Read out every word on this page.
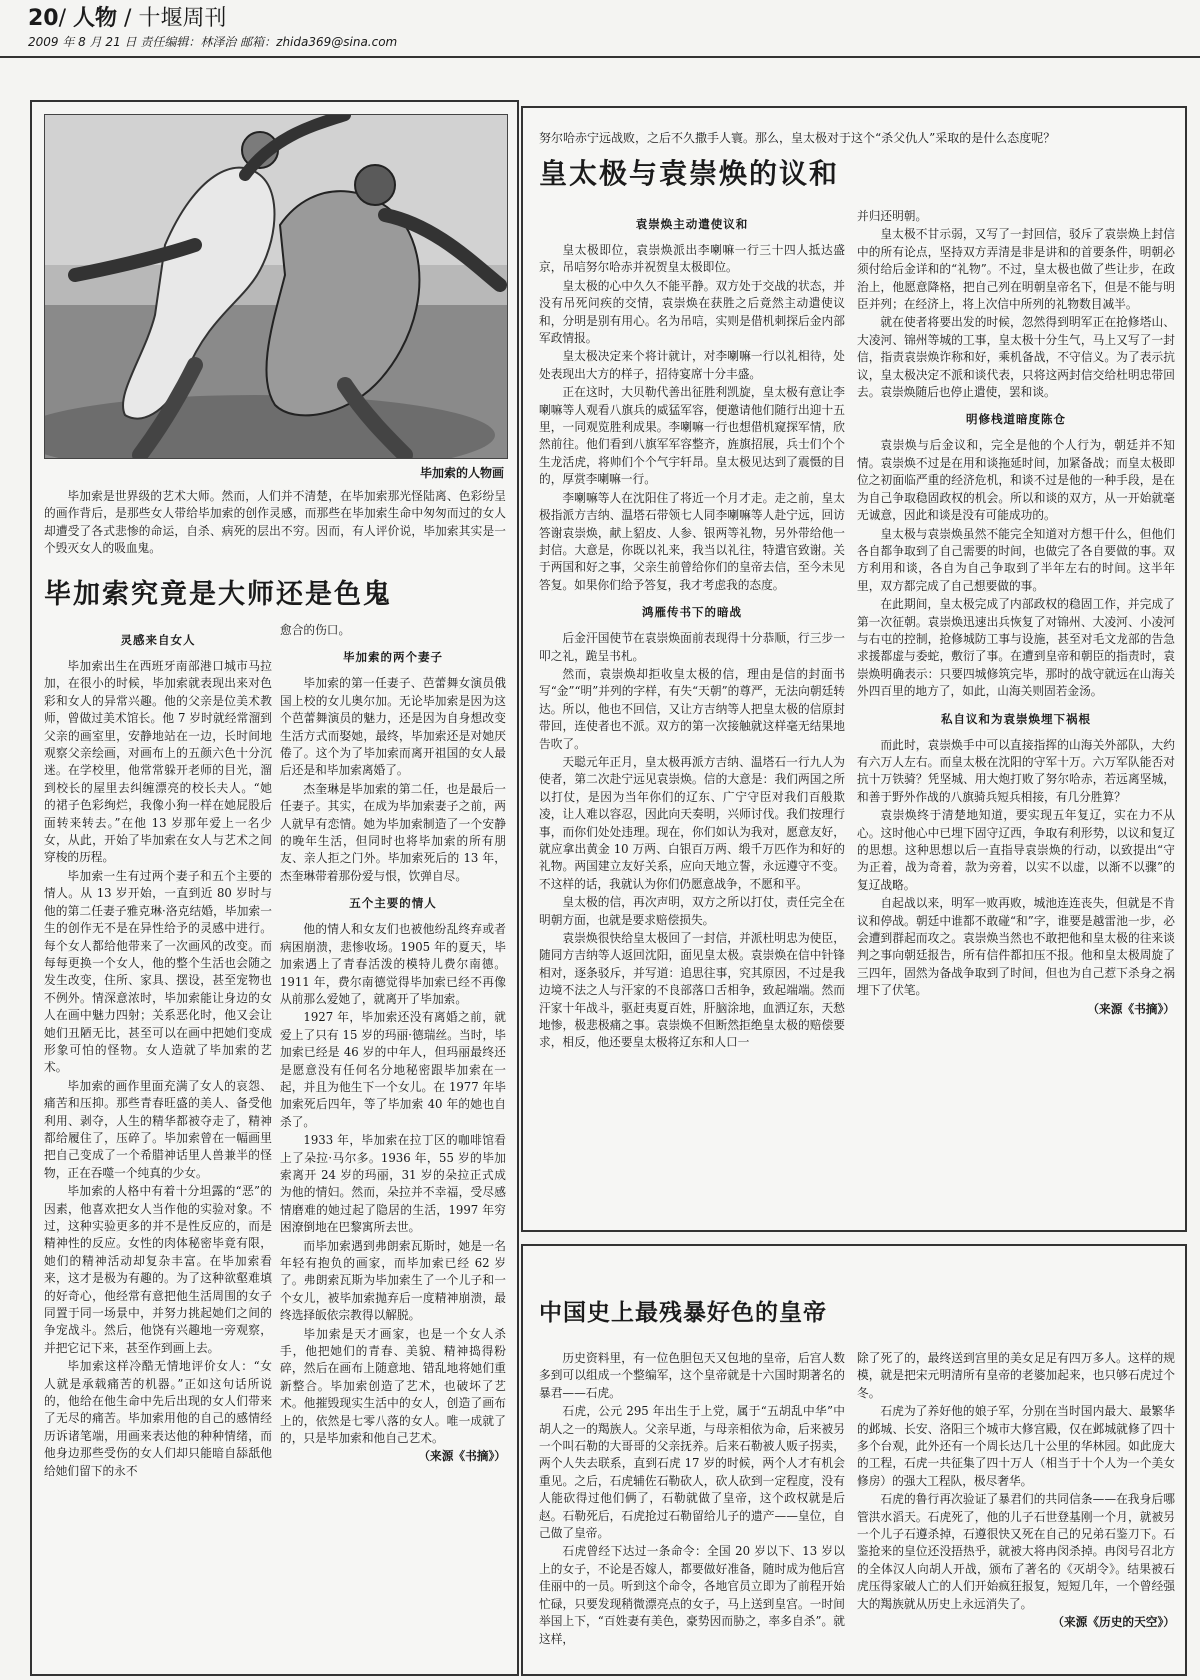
20/ 人物 / 十堰周刊
2009 年 8 月 21 日 责任编辑：林泽治 邮箱：zhida369@sina.com
毕加索的人物画

毕加索是世界级的艺术大师。然而，人们并不清楚，在毕加索那光怪陆离、色彩纷呈的画作背后，是那些女人带给毕加索的创作灵感，而那些在毕加索生命中匆匆而过的女人却遭受了各式悲惨的命运，自杀、病死的层出不穷。因而，有人评价说，毕加索其实是一个毁灭女人的吸血鬼。

毕加索究竟是大师还是色鬼
灵感来自女人

毕加索出生在西班牙南部港口城市马拉加，在很小的时候，毕加索就表现出来对色彩和女人的异常兴趣。他的父亲是位美术教师，曾做过美术馆长。他 7 岁时就经常溜到父亲的画室里，安静地站在一边，长时间地观察父亲绘画，对画布上的五颜六色十分沉迷。在学校里，他常常躲开老师的目光，溜到校长的屋里去纠缠漂亮的校长夫人。“她的裙子色彩绚烂，我像小狗一样在她屁股后面转来转去。”在他 13 岁那年爱上一名少女，从此，开始了毕加索在女人与艺术之间穿梭的历程。

毕加索一生有过两个妻子和五个主要的情人。从 13 岁开始，一直到近 80 岁时与他的第二任妻子雅克琳·洛克结婚，毕加索一生的创作无不是在异性给予的灵感中进行。每个女人都给他带来了一次画风的改变。而每每更换一个女人，他的整个生活也会随之发生改变，住所、家具、摆设，甚至宠物也不例外。情深意浓时，毕加索能让身边的女人在画中魅力四射；关系恶化时，他又会让她们丑陋无比，甚至可以在画中把她们变成形象可怕的怪物。女人造就了毕加索的艺术。

毕加索的画作里面充满了女人的哀怨、痛苦和压抑。那些青春旺盛的美人、备受他利用、剥夺，人生的精华都被夺走了，精神都给履住了，压碎了。毕加索曾在一幅画里把自己变成了一个希腊神话里人兽兼半的怪物，正在吞噬一个纯真的少女。

毕加索的人格中有着十分坦露的“恶”的因素，他喜欢把女人当作他的实验对象。不过，这种实验更多的并不是性反应的，而是精神性的反应。女性的肉体秘密毕竟有限，她们的精神活动却复杂丰富。在毕加索看来，这才是极为有趣的。为了这种欲壑难填的好奇心，他经常有意把他生活周围的女子同置于同一场景中，并努力挑起她们之间的争宠战斗。然后，他饶有兴趣地一旁观察，并把它记下来，甚至作到画上去。

毕加索这样冷酷无情地评价女人：“女人就是承载痛苦的机器。”正如这句话所说的，他给在他生命中先后出现的女人们带来了无尽的痛苦。毕加索用他的自己的感情经历诉诸笔端，用画来表达他的种种情绪，而他身边那些受伤的女人们却只能暗自舔舐他给她们留下的永不

愈合的伤口。

毕加索的两个妻子

毕加索的第一任妻子、芭蕾舞女演员俄国上校的女儿奥尔加。无论毕加索是因为这个芭蕾舞演员的魅力，还是因为自身想改变生活方式而娶她，最终，毕加索还是对她厌倦了。这个为了毕加索而离开祖国的女人最后还是和毕加索离婚了。

杰奎琳是毕加索的第二任，也是最后一任妻子。其实，在成为毕加索妻子之前，两人就早有恋情。她为毕加索制造了一个安静的晚年生活，但同时也将毕加索的所有朋友、亲人拒之门外。毕加索死后的 13 年，杰奎琳带着那份爱与恨，饮弹自尽。

五个主要的情人

他的情人和女友们也被他纷乱终弃或者病困崩溃，悲惨收场。1905 年的夏天，毕加索遇上了青春活泼的模特儿费尔南德。1911 年，费尔南德觉得毕加索已经不再像从前那么爱她了，就离开了毕加索。

1927 年，毕加索还没有离婚之前，就爱上了只有 15 岁的玛丽·德瑞丝。当时，毕加索已经是 46 岁的中年人，但玛丽最终还是愿意没有任何名分地秘密跟毕加索在一起，并且为他生下一个女儿。在 1977 年毕加索死后四年，等了毕加索 40 年的她也自杀了。

1933 年，毕加索在拉丁区的咖啡馆看上了朵拉·马尔多。1936 年，55 岁的毕加索离开 24 岁的玛丽，31 岁的朵拉正式成为他的情妇。然而，朵拉并不幸福，受尽感情磨难的她过起了隐居的生活，1997 年穷困潦倒地在巴黎寓所去世。

而毕加索遇到弗朗索瓦斯时，她是一名年轻有抱负的画家，而毕加索已经 62 岁了。弗朗索瓦斯为毕加索生了一个儿子和一个女儿，被毕加索抛弃后一度精神崩溃，最终选择皈依宗教得以解脱。

毕加索是天才画家，也是一个女人杀手，他把她们的青春、美貌、精神捣得粉碎，然后在画布上随意地、错乱地将她们重新整合。毕加索创造了艺术，也破坏了艺术。他摧毁现实生活中的女人，创造了画布上的，依然是七零八落的女人。唯一成就了的，只是毕加索和他自己艺术。

（来源《书摘》）

努尔哈赤宁远战败，之后不久撒手人寰。那么，皇太极对于这个“杀父仇人”采取的是什么态度呢？
皇太极与袁崇焕的议和
袁崇焕主动遣使议和

皇太极即位，袁崇焕派出李喇嘛一行三十四人抵达盛京，吊唁努尔哈赤并祝贺皇太极即位。

皇太极的心中久久不能平静。双方处于交战的状态，并没有吊死问疾的交情，袁崇焕在获胜之后竟然主动遣使议和，分明是别有用心。名为吊唁，实则是借机刺探后金内部军政情报。

皇太极决定来个将计就计，对李喇嘛一行以礼相待，处处表现出大方的样子，招待宴席十分丰盛。

正在这时，大贝勒代善出征胜利凯旋，皇太极有意让李喇嘛等人观看八旗兵的威猛军容，便邀请他们随行出迎十五里，一同观览胜利成果。李喇嘛一行也想借机窥探军情，欣然前往。他们看到八旗军军容整齐，旌旗招展，兵士们个个生龙活虎，将帅们个个气宇轩昂。皇太极见达到了震慑的目的，厚赏李喇嘛一行。

李喇嘛等人在沈阳住了将近一个月才走。走之前，皇太极指派方吉纳、温塔石带领七人同李喇嘛等人赴宁远，回访答谢袁崇焕，献上貂皮、人参、银两等礼物，另外带给他一封信。大意是，你既以礼来，我当以礼往，特遣官致谢。关于两国和好之事，父亲生前曾给你们的皇帝去信，至今未见答复。如果你们给予答复，我才考虑我的态度。

鸿雁传书下的暗战

后金汗国使节在袁崇焕面前表现得十分恭顺，行三步一叩之礼，跪呈书札。

然而，袁崇焕却拒收皇太极的信，理由是信的封面书写“金”“明”并列的字样，有失“天朝”的尊严，无法向朝廷转达。所以，他也不回信，又让方吉纳等人把皇太极的信原封带回，连使者也不派。双方的第一次接触就这样毫无结果地告吹了。

天聪元年正月，皇太极再派方吉纳、温塔石一行九人为使者，第二次赴宁远见袁崇焕。信的大意是：我们两国之所以打仗，是因为当年你们的辽东、广宁守臣对我们百般欺凌，让人难以容忍，因此向天奏明，兴师讨伐。我们按理行事，而你们处处违理。现在，你们如认为我对，愿意友好，就应拿出黄金 10 万两、白银百万两、缎千万匹作为和好的礼物。两国建立友好关系，应向天地立誓，永远遵守不变。不这样的话，我就认为你们仍愿意战争，不愿和平。

皇太极的信，再次声明，双方之所以打仗，责任完全在明朝方面，也就是要求赔偿损失。

袁崇焕很快给皇太极回了一封信，并派杜明忠为使臣，随同方吉纳等人返回沈阳，面见皇太极。袁崇焕在信中针锋相对，逐条驳斥，并写道：追思往事，究其原因，不过是我边境不法之人与汗家的不良部落口舌相争，致起端端。然而汗家十年战斗，驱赶夷夏百姓，肝脑涂地，血洒辽东，天愁地惨，极悲极痛之事。袁崇焕不但断然拒绝皇太极的赔偿要求，相反，他还要皇太极将辽东和人口一

并归还明朝。

皇太极不甘示弱，又写了一封回信，驳斥了袁崇焕上封信中的所有论点，坚持双方弄清是非是讲和的首要条件，明朝必须付给后金详和的“礼物”。不过，皇太极也做了些让步，在政治上，他愿意降格，把自己列在明朝皇帝名下，但是不能与明臣并列；在经济上，将上次信中所列的礼物数目减半。

就在使者将要出发的时候，忽然得到明军正在抢修塔山、大凌河、锦州等城的工事，皇太极十分生气，马上又写了一封信，指责袁崇焕诈称和好，乘机备战，不守信义。为了表示抗议，皇太极决定不派和谈代表，只将这两封信交给杜明忠带回去。袁崇焕随后也停止遣使，罢和谈。

明修栈道暗度陈仓

袁崇焕与后金议和，完全是他的个人行为，朝廷并不知情。袁崇焕不过是在用和谈拖延时间，加紧备战；而皇太极即位之初面临严重的经济危机，和谈不过是他的一种手段，是在为自己争取稳固政权的机会。所以和谈的双方，从一开始就毫无诚意，因此和谈是没有可能成功的。

皇太极与袁崇焕虽然不能完全知道对方想干什么，但他们各自都争取到了自己需要的时间，也做完了各自要做的事。双方利用和谈，各自为自己争取到了半年左右的时间。这半年里，双方都完成了自己想要做的事。

在此期间，皇太极完成了内部政权的稳固工作，并完成了第一次征朝。袁崇焕迅速出兵恢复了对锦州、大凌河、小凌河与右屯的控制，抢修城防工事与设施，甚至对毛文龙部的告急求援都虚与委蛇，敷衍了事。在遭到皇帝和朝臣的指责时，袁崇焕明确表示：只要四城修筑完毕，那时的战守就远在山海关外四百里的地方了，如此，山海关则固若金汤。

私自议和为袁崇焕埋下祸根

而此时，袁崇焕手中可以直接指挥的山海关外部队，大约有六万人左右。而皇太极在沈阳的守军十万。六万军队能否对抗十万铁骑？凭坚城、用大炮打败了努尔哈赤，若远离坚城，和善于野外作战的八旗骑兵短兵相接，有几分胜算？

袁崇焕终于清楚地知道，要实现五年复辽，实在力不从心。这时他心中已埋下固守辽西，争取有利形势，以议和复辽的思想。这种思想以后一直指导袁崇焕的行动，以致提出“守为正着，战为奇着，款为旁着，以实不以虚，以渐不以骤”的复辽战略。

自起战以来，明军一败再败，城池连连丧失，但就是不肯议和停战。朝廷中谁都不敢碰“和”字，谁要是越雷池一步，必会遭到群起而攻之。袁崇焕当然也不敢把他和皇太极的往来谈判之事向朝廷报告，所有信件都扣压不报。他和皇太极周旋了三四年，固然为备战争取到了时间，但也为自己惹下杀身之祸埋下了伏笔。

（来源《书摘》）

中国史上最残暴好色的皇帝

历史资料里，有一位色胆包天又包地的皇帝，后宫人数多到可以组成一个整编军，这个皇帝就是十六国时期著名的暴君——石虎。

石虎，公元 295 年出生于上党，属于“五胡乱中华”中胡人之一的羯族人。父亲早逝，与母亲相依为命，后来被另一个叫石勒的大哥哥的父亲抚养。后来石勒被人贩子拐卖，两个人失去联系，直到石虎 17 岁的时候，两个人才有机会重见。之后，石虎辅佐石勒砍人，砍人砍到一定程度，没有人能砍得过他们俩了，石勒就做了皇帝，这个政权就是后赵。石勒死后，石虎抢过石勒留给儿子的遗产——皇位，自己做了皇帝。

石虎曾经下达过一条命令：全国 20 岁以下、13 岁以上的女子，不论是否嫁人，都要做好准备，随时成为他后宫佳丽中的一员。听到这个命令，各地官员立即为了前程开始忙碌，只要发现稍微漂亮点的女子，马上送到皇宫。一时间举国上下，“百姓妻有美色，豪势因而胁之，率多自杀”。就这样，

除了死了的，最终送到宫里的美女足足有四万多人。这样的规模，就是把宋元明清所有皇帝的老婆加起来，也只够石虎过个冬。

石虎为了养好他的娘子军，分别在当时国内最大、最繁华的邺城、长安、洛阳三个城市大修宫殿，仅在邺城就修了四十多个台观，此外还有一个周长达几十公里的华林园。如此庞大的工程，石虎一共征集了四十万人（相当于十个人为一个美女修房）的强大工程队，极尽奢华。

石虎的鲁行再次验证了暴君们的共同信条——在我身后哪管洪水滔天。石虎死了，他的儿子石世登基刚一个月，就被另一个儿子石遵杀掉，石遵很快又死在自己的兄弟石鉴刀下。石鉴抢来的皇位还没捂热乎，就被大将冉闵杀掉。冉闵号召北方的全体汉人向胡人开战，颁布了著名的《灭胡令》。结果被石虎压得家破人亡的人们开始疯狂报复，短短几年，一个曾经强大的羯族就从历史上永远消失了。

（来源《历史的天空》）
